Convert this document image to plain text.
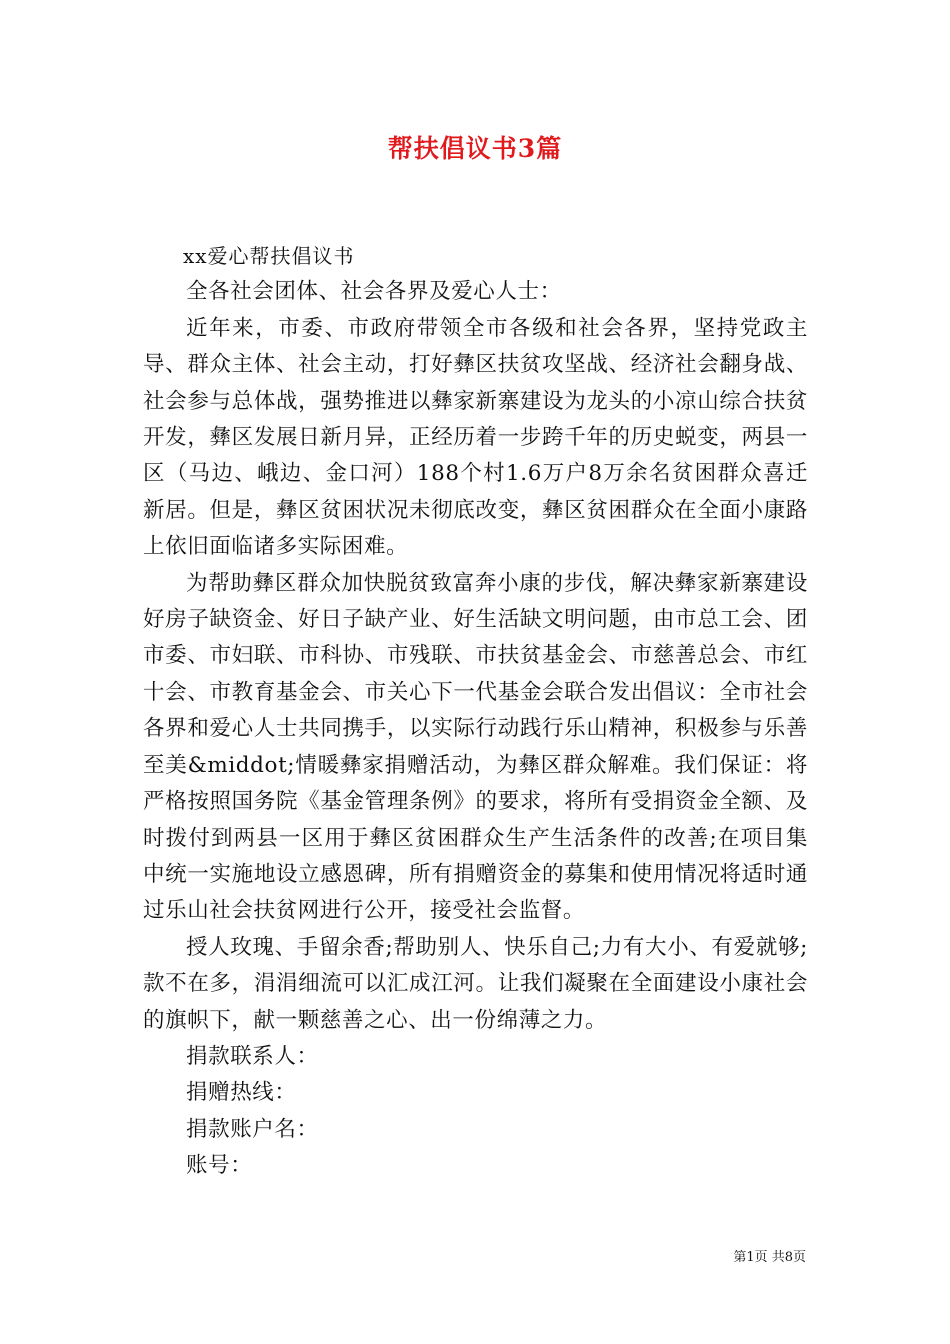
帮扶倡议书3篇

xx爱心帮扶倡议书

全各社会团体、社会各界及爱心人士：

近年来，市委、市政府带领全市各级和社会各界，坚持党政主导、群众主体、社会主动，打好彝区扶贫攻坚战、经济社会翻身战、社会参与总体战，强势推进以彝家新寨建设为龙头的小凉山综合扶贫开发，彝区发展日新月异，正经历着一步跨千年的历史蜕变，两县一区（马边、峨边、金口河）188个村1.6万户8万余名贫困群众喜迁新居。但是，彝区贫困状况未彻底改变，彝区贫困群众在全面小康路上依旧面临诸多实际困难。

为帮助彝区群众加快脱贫致富奔小康的步伐，解决彝家新寨建设好房子缺资金、好日子缺产业、好生活缺文明问题，由市总工会、团市委、市妇联、市科协、市残联、市扶贫基金会、市慈善总会、市红十会、市教育基金会、市关心下一代基金会联合发出倡议：全市社会各界和爱心人士共同携手，以实际行动践行乐山精神，积极参与乐善至美&middot;情暖彝家捐赠活动，为彝区群众解难。我们保证：将严格按照国务院《基金管理条例》的要求，将所有受捐资金全额、及时拨付到两县一区用于彝区贫困群众生产生活条件的改善;在项目集中统一实施地设立感恩碑，所有捐赠资金的募集和使用情况将适时通过乐山社会扶贫网进行公开，接受社会监督。

授人玫瑰、手留余香;帮助别人、快乐自己;力有大小、有爱就够;款不在多，涓涓细流可以汇成江河。让我们凝聚在全面建设小康社会的旗帜下，献一颗慈善之心、出一份绵薄之力。

捐款联系人：

捐赠热线：

捐款账户名：

账号：

第1页 共8页
